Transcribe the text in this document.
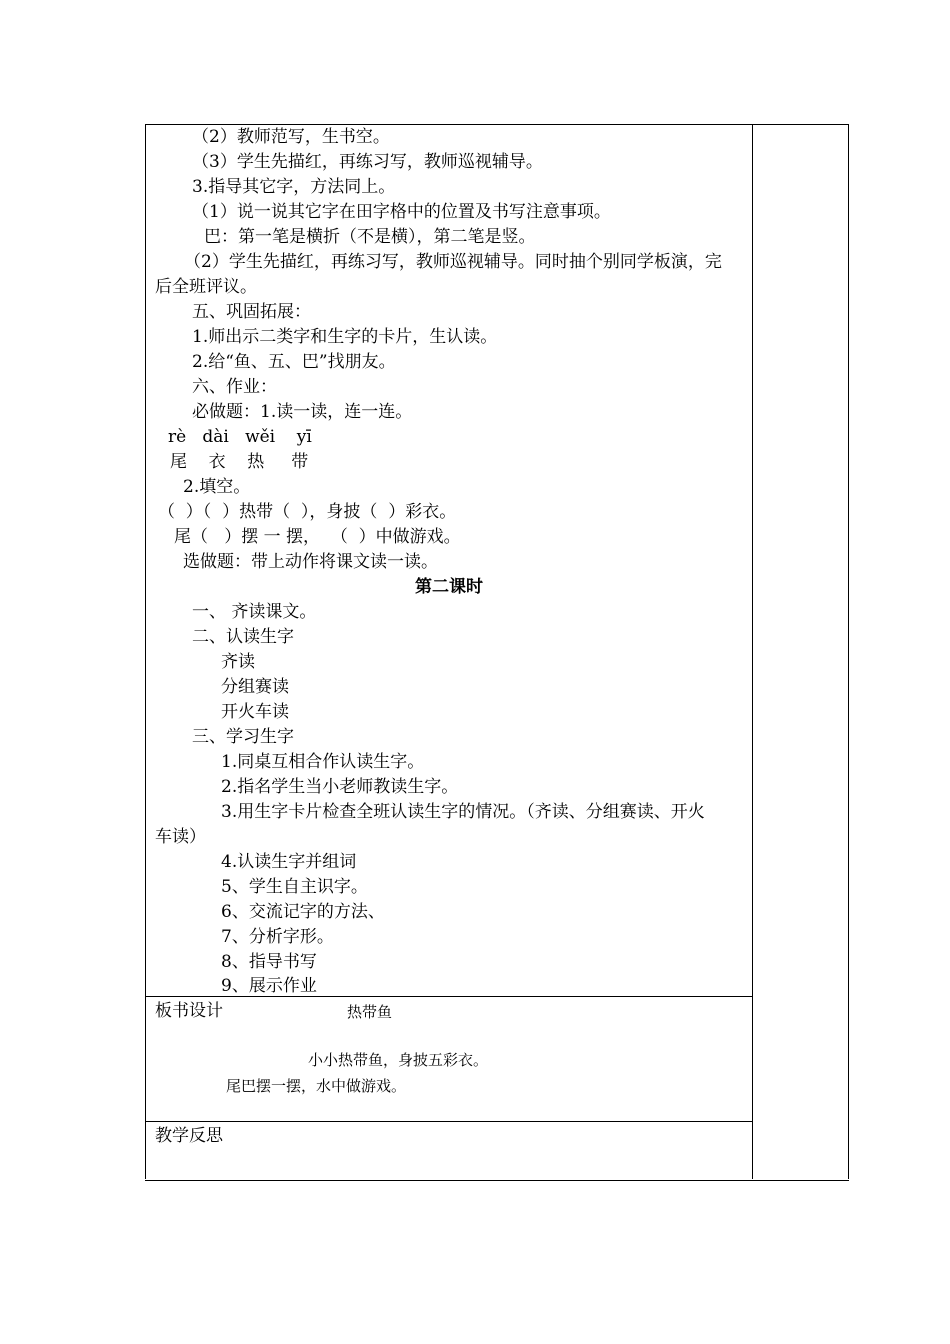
（2）教师范写，生书空。
（3）学生先描红，再练习写，教师巡视辅导。
3.指导其它字，方法同上。
（1）说一说其它字在田字格中的位置及书写注意事项。
巴：第一笔是横折（不是横），第二笔是竖。
（2）学生先描红，再练习写，教师巡视辅导。同时抽个别同学板演，完
后全班评议。
五、巩固拓展：
1.师出示二类字和生字的卡片，生认读。
2.给“鱼、五、巴”找朋友。
六、作业：
必做题：1.读一读，连一连。
rè   dài   wěi    yī
尾    衣    热     带
2.填空。
（  ）（  ）热带（  ），身披（  ）彩衣。
尾（   ）摆 一 摆，  （  ）中做游戏。
选做题：带上动作将课文读一读。
第二课时
一、 齐读课文。
二、认读生字
齐读
分组赛读
开火车读
三、学习生字
1.同桌互相合作认读生字。
2.指名学生当小老师教读生字。
3.用生字卡片检查全班认读生字的情况。（齐读、分组赛读、开火
车读）
4.认读生字并组词
5、学生自主识字。
6、交流记字的方法、
7、分析字形。
8、指导书写
9、展示作业
板书设计	热带鱼
小小热带鱼，身披五彩衣。
尾巴摆一摆，水中做游戏。
教学反思
